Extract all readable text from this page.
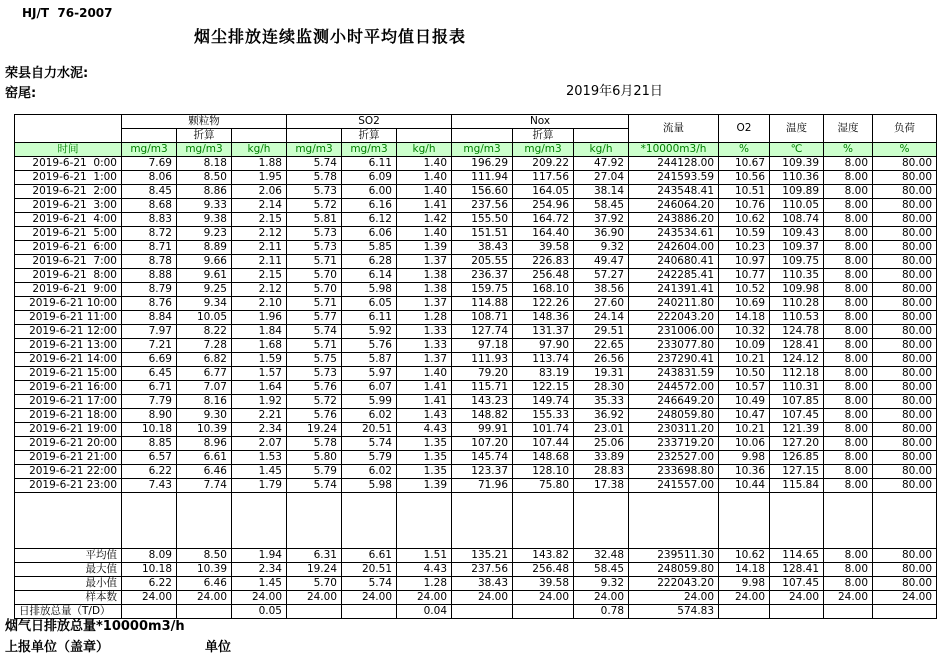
HJ/T  76-2007
烟尘排放连续监测小时平均值日报表
荣县自力水泥:
窑尾:	2019年6月21日
	颗粒物			SO2			Nox			流量	O2	温度	湿度	负荷
		折算			折算			折算						
时间	mg/m3	mg/m3	kg/h	mg/m3	mg/m3	kg/h	mg/m3	mg/m3	kg/h	*10000m3/h	%	℃	%	%
2019-6-21  0:00	7.69	8.18	1.88	5.74	6.11	1.40	196.29	209.22	47.92	244128.00	10.67	109.39	8.00	80.00
2019-6-21  1:00	8.06	8.50	1.95	5.78	6.09	1.40	111.94	117.56	27.04	241593.59	10.56	110.36	8.00	80.00
2019-6-21  2:00	8.45	8.86	2.06	5.73	6.00	1.40	156.60	164.05	38.14	243548.41	10.51	109.89	8.00	80.00
2019-6-21  3:00	8.68	9.33	2.14	5.72	6.16	1.41	237.56	254.96	58.45	246064.20	10.76	110.05	8.00	80.00
2019-6-21  4:00	8.83	9.38	2.15	5.81	6.12	1.42	155.50	164.72	37.92	243886.20	10.62	108.74	8.00	80.00
2019-6-21  5:00	8.72	9.23	2.12	5.73	6.06	1.40	151.51	164.40	36.90	243534.61	10.59	109.43	8.00	80.00
2019-6-21  6:00	8.71	8.89	2.11	5.73	5.85	1.39	38.43	39.58	9.32	242604.00	10.23	109.37	8.00	80.00
2019-6-21  7:00	8.78	9.66	2.11	5.71	6.28	1.37	205.55	226.83	49.47	240680.41	10.97	109.75	8.00	80.00
2019-6-21  8:00	8.88	9.61	2.15	5.70	6.14	1.38	236.37	256.48	57.27	242285.41	10.77	110.35	8.00	80.00
2019-6-21  9:00	8.79	9.25	2.12	5.70	5.98	1.38	159.75	168.10	38.56	241391.41	10.52	109.98	8.00	80.00
2019-6-21 10:00	8.76	9.34	2.10	5.71	6.05	1.37	114.88	122.26	27.60	240211.80	10.69	110.28	8.00	80.00
2019-6-21 11:00	8.84	10.05	1.96	5.77	6.11	1.28	108.71	148.36	24.14	222043.20	14.18	110.53	8.00	80.00
2019-6-21 12:00	7.97	8.22	1.84	5.74	5.92	1.33	127.74	131.37	29.51	231006.00	10.32	124.78	8.00	80.00
2019-6-21 13:00	7.21	7.28	1.68	5.71	5.76	1.33	97.18	97.90	22.65	233077.80	10.09	128.41	8.00	80.00
2019-6-21 14:00	6.69	6.82	1.59	5.75	5.87	1.37	111.93	113.74	26.56	237290.41	10.21	124.12	8.00	80.00
2019-6-21 15:00	6.45	6.77	1.57	5.73	5.97	1.40	79.20	83.19	19.31	243831.59	10.50	112.18	8.00	80.00
2019-6-21 16:00	6.71	7.07	1.64	5.76	6.07	1.41	115.71	122.15	28.30	244572.00	10.57	110.31	8.00	80.00
2019-6-21 17:00	7.79	8.16	1.92	5.72	5.99	1.41	143.23	149.74	35.33	246649.20	10.49	107.85	8.00	80.00
2019-6-21 18:00	8.90	9.30	2.21	5.76	6.02	1.43	148.82	155.33	36.92	248059.80	10.47	107.45	8.00	80.00
2019-6-21 19:00	10.18	10.39	2.34	19.24	20.51	4.43	99.91	101.74	23.01	230311.20	10.21	121.39	8.00	80.00
2019-6-21 20:00	8.85	8.96	2.07	5.78	5.74	1.35	107.20	107.44	25.06	233719.20	10.06	127.20	8.00	80.00
2019-6-21 21:00	6.57	6.61	1.53	5.80	5.79	1.35	145.74	148.68	33.89	232527.00	9.98	126.85	8.00	80.00
2019-6-21 22:00	6.22	6.46	1.45	5.79	6.02	1.35	123.37	128.10	28.83	233698.80	10.36	127.15	8.00	80.00
2019-6-21 23:00	7.43	7.74	1.79	5.74	5.98	1.39	71.96	75.80	17.38	241557.00	10.44	115.84	8.00	80.00

平均值	8.09	8.50	1.94	6.31	6.61	1.51	135.21	143.82	32.48	239511.30	10.62	114.65	8.00	80.00
最大值	10.18	10.39	2.34	19.24	20.51	4.43	237.56	256.48	58.45	248059.80	14.18	128.41	8.00	80.00
最小值	6.22	6.46	1.45	5.70	5.74	1.28	38.43	39.58	9.32	222043.20	9.98	107.45	8.00	80.00
样本数	24.00	24.00	24.00	24.00	24.00	24.00	24.00	24.00	24.00	24.00	24.00	24.00	24.00	24.00
日排放总量（T/D）			0.05			0.04			0.78	574.83				
烟气日排放总量*10000m3/h
上报单位（盖章）	单位
